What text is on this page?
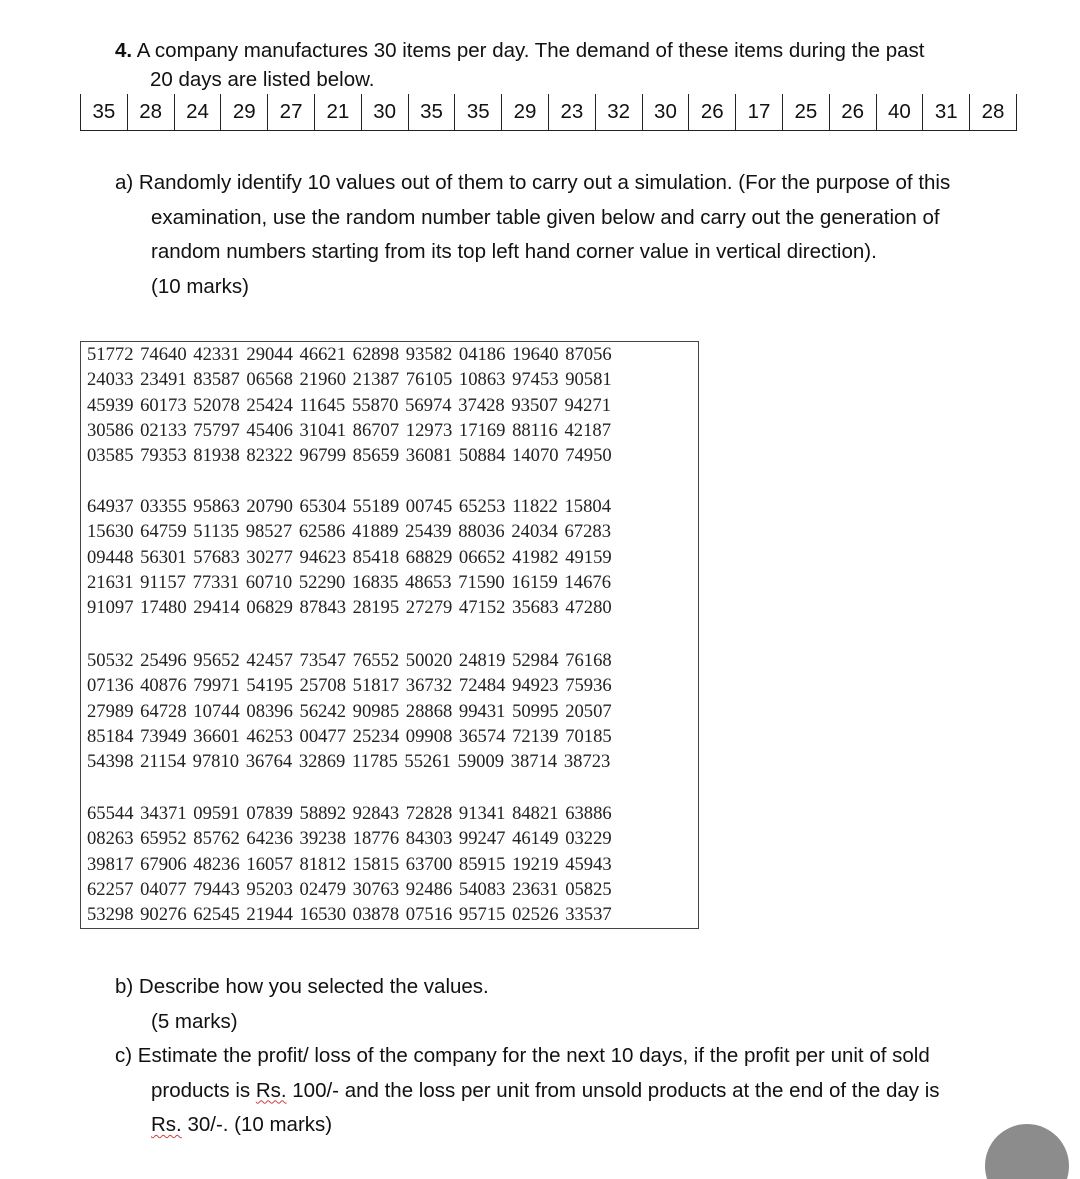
4. A company manufactures 30 items per day. The demand of these items during the past
20 days are listed below.
35	28	24	29	27	21	30	35	35	29	23	32	30	26	17	25	26	40	31	28
a) Randomly identify 10 values out of them to carry out a simulation. (For the purpose of this
examination, use the random number table given below and carry out the generation of
random numbers starting from its top left hand corner value in vertical direction).
(10 marks)
51772 74640 42331 29044 46621 62898 93582 04186 19640 87056
24033 23491 83587 06568 21960 21387 76105 10863 97453 90581
45939 60173 52078 25424 11645 55870 56974 37428 93507 94271
30586 02133 75797 45406 31041 86707 12973 17169 88116 42187
03585 79353 81938 82322 96799 85659 36081 50884 14070 74950
64937 03355 95863 20790 65304 55189 00745 65253 11822 15804
15630 64759 51135 98527 62586 41889 25439 88036 24034 67283
09448 56301 57683 30277 94623 85418 68829 06652 41982 49159
21631 91157 77331 60710 52290 16835 48653 71590 16159 14676
91097 17480 29414 06829 87843 28195 27279 47152 35683 47280
50532 25496 95652 42457 73547 76552 50020 24819 52984 76168
07136 40876 79971 54195 25708 51817 36732 72484 94923 75936
27989 64728 10744 08396 56242 90985 28868 99431 50995 20507
85184 73949 36601 46253 00477 25234 09908 36574 72139 70185
54398 21154 97810 36764 32869 11785 55261 59009 38714 38723
65544 34371 09591 07839 58892 92843 72828 91341 84821 63886
08263 65952 85762 64236 39238 18776 84303 99247 46149 03229
39817 67906 48236 16057 81812 15815 63700 85915 19219 45943
62257 04077 79443 95203 02479 30763 92486 54083 23631 05825
53298 90276 62545 21944 16530 03878 07516 95715 02526 33537
b) Describe how you selected the values.
(5 marks)
c) Estimate the profit/ loss of the company for the next 10 days, if the profit per unit of sold
products is Rs. 100/- and the loss per unit from unsold products at the end of the day is
Rs. 30/-. (10 marks)
